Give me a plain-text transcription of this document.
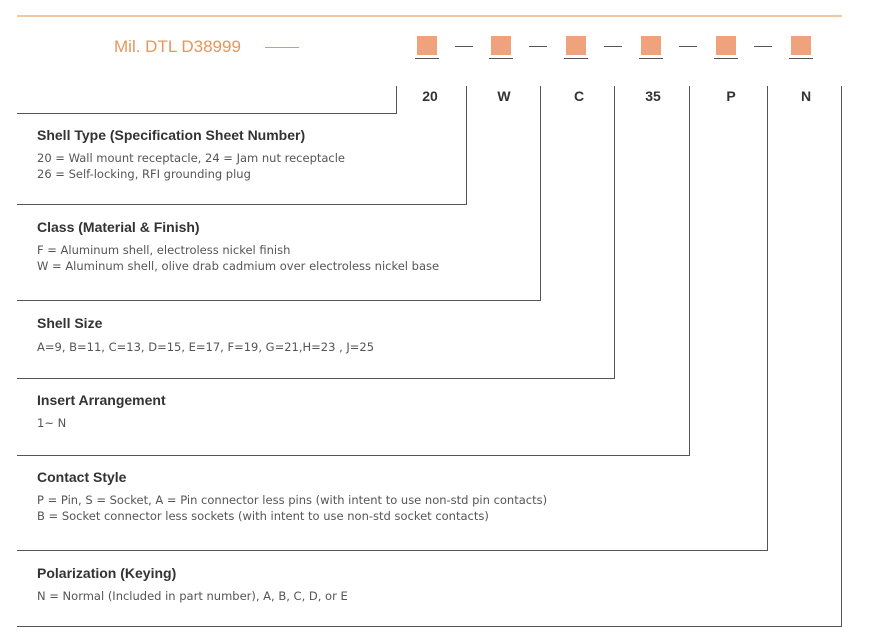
Mil. DTL D38999
20	W	C	35	P	N
Shell Type (Specification Sheet Number)
20 = Wall mount receptacle, 24 = Jam nut receptacle
26 = Self-locking, RFI grounding plug
Class (Material & Finish)
F = Aluminum shell, electroless nickel finish
W = Aluminum shell, olive drab cadmium over electroless nickel base
Shell Size
A=9, B=11, C=13, D=15, E=17, F=19, G=21,H=23 , J=25
Insert Arrangement
1~ N
Contact Style
P = Pin, S = Socket, A = Pin connector less pins (with intent to use non-std pin contacts)
B = Socket connector less sockets (with intent to use non-std socket contacts)
Polarization (Keying)
N = Normal (Included in part number), A, B, C, D, or E
